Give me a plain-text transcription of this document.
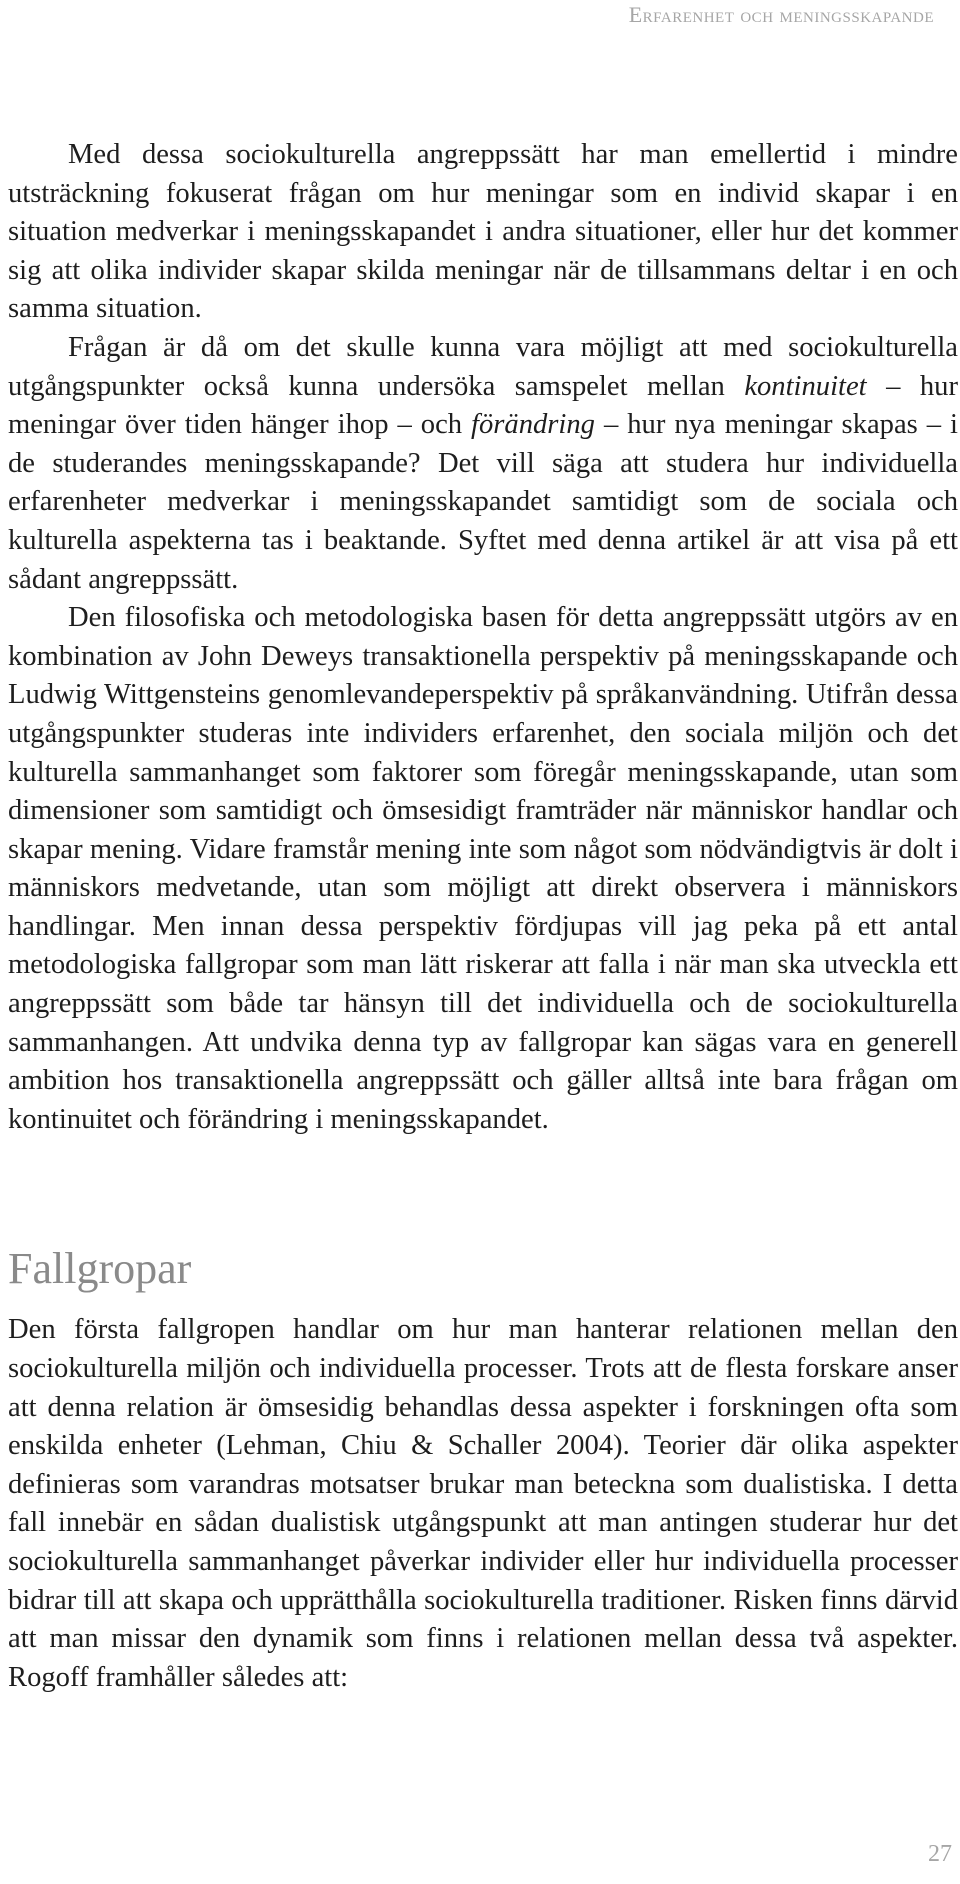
Erfarenhet och meningsskapande

Med dessa sociokulturella angreppssätt har man emellertid i mindre utsträckning fokuserat frågan om hur meningar som en individ skapar i en situation medverkar i meningsskapandet i andra situationer, eller hur det kommer sig att olika individer skapar skilda meningar när de tillsammans deltar i en och samma situation.

Frågan är då om det skulle kunna vara möjligt att med sociokulturella utgångspunkter också kunna undersöka samspelet mellan kontinuitet – hur meningar över tiden hänger ihop – och förändring – hur nya meningar skapas – i de studerandes meningsskapande? Det vill säga att studera hur individuella erfarenheter medverkar i meningsskapandet samtidigt som de sociala och kulturella aspekterna tas i beaktande. Syftet med denna artikel är att visa på ett sådant angreppssätt.

Den filosofiska och metodologiska basen för detta angreppssätt utgörs av en kombination av John Deweys transaktionella perspektiv på meningsskapande och Ludwig Wittgensteins genomlevandeperspektiv på språkanvändning. Utifrån dessa utgångspunkter studeras inte individers erfarenhet, den sociala miljön och det kulturella sammanhanget som faktorer som föregår meningsskapande, utan som dimensioner som samtidigt och ömsesidigt framträder när människor handlar och skapar mening. Vidare framstår mening inte som något som nödvändigtvis är dolt i människors medvetande, utan som möjligt att direkt observera i människors handlingar. Men innan dessa perspektiv fördjupas vill jag peka på ett antal metodologiska fallgropar som man lätt riskerar att falla i när man ska utveckla ett angreppssätt som både tar hänsyn till det individuella och de sociokulturella sammanhangen. Att undvika denna typ av fallgropar kan sägas vara en generell ambition hos transaktionella angreppssätt och gäller alltså inte bara frågan om kontinuitet och förändring i meningsskapandet.

Fallgropar

Den första fallgropen handlar om hur man hanterar relationen mellan den sociokulturella miljön och individuella processer. Trots att de flesta forskare anser att denna relation är ömsesidig behandlas dessa aspekter i forskningen ofta som enskilda enheter (Lehman, Chiu & Schaller 2004). Teorier där olika aspekter definieras som varandras motsatser brukar man beteckna som dualistiska. I detta fall innebär en sådan dualistisk utgångspunkt att man antingen studerar hur det sociokulturella sammanhanget påverkar individer eller hur individuella processer bidrar till att skapa och upprätthålla sociokulturella traditioner. Risken finns därvid att man missar den dynamik som finns i relationen mellan dessa två aspekter. Rogoff framhåller således att:

27
